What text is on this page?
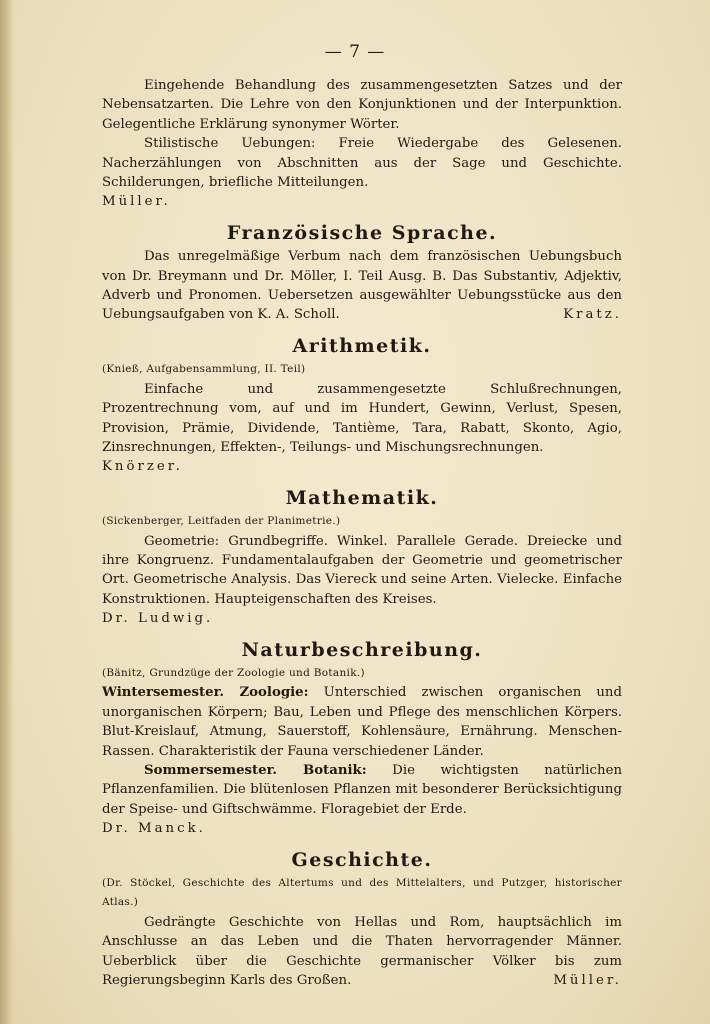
— 7 —

Eingehende Behandlung des zusammengesetzten Satzes und der Nebensatzarten. Die Lehre von den Konjunktionen und der Interpunktion. Gelegentliche Erklärung synonymer Wörter.

Stilistische Uebungen: Freie Wiedergabe des Gelesenen. Nacherzählungen von Abschnitten aus der Sage und Geschichte. Schilderungen, briefliche Mitteilungen.

Müller.

Französische Sprache.

Das unregelmäßige Verbum nach dem französischen Uebungsbuch von Dr. Breymann und Dr. Möller, I. Teil Ausg. B. Das Substantiv, Adjektiv, Adverb und Pronomen. Uebersetzen ausgewählter Uebungsstücke aus den Uebungsaufgaben von K. A. Scholl.	Kratz.

Arithmetik.

(Knieß, Aufgabensammlung, II. Teil)

Einfache und zusammengesetzte Schlußrechnungen, Prozentrechnung vom, auf und im Hundert, Gewinn, Verlust, Spesen, Provision, Prämie, Dividende, Tantième, Tara, Rabatt, Skonto, Agio, Zinsrechnungen, Effekten-, Teilungs- und Mischungsrechnungen.

Knörzer.

Mathematik.

(Sickenberger, Leitfaden der Planimetrie.)

Geometrie: Grundbegriffe. Winkel. Parallele Gerade. Dreiecke und ihre Kongruenz. Fundamentalaufgaben der Geometrie und geometrischer Ort. Geometrische Analysis. Das Viereck und seine Arten. Vielecke. Einfache Konstruktionen. Haupteigenschaften des Kreises.

Dr. Ludwig.

Naturbeschreibung.

(Bänitz, Grundzüge der Zoologie und Botanik.)

Wintersemester. Zoologie: Unterschied zwischen organischen und unorganischen Körpern; Bau, Leben und Pflege des menschlichen Körpers. Blut-Kreislauf, Atmung, Sauerstoff, Kohlensäure, Ernährung. Menschen-Rassen. Charakteristik der Fauna verschiedener Länder.

Sommersemester. Botanik: Die wichtigsten natürlichen Pflanzenfamilien. Die blütenlosen Pflanzen mit besonderer Berücksichtigung der Speise- und Giftschwämme. Floragebiet der Erde.

Dr. Manck.

Geschichte.

(Dr. Stöckel, Geschichte des Altertums und des Mittelalters, und Putzger, historischer Atlas.)

Gedrängte Geschichte von Hellas und Rom, hauptsächlich im Anschlusse an das Leben und die Thaten hervorragender Männer. Ueberblick über die Geschichte germanischer Völker bis zum Regierungsbeginn Karls des Großen.	Müller.
